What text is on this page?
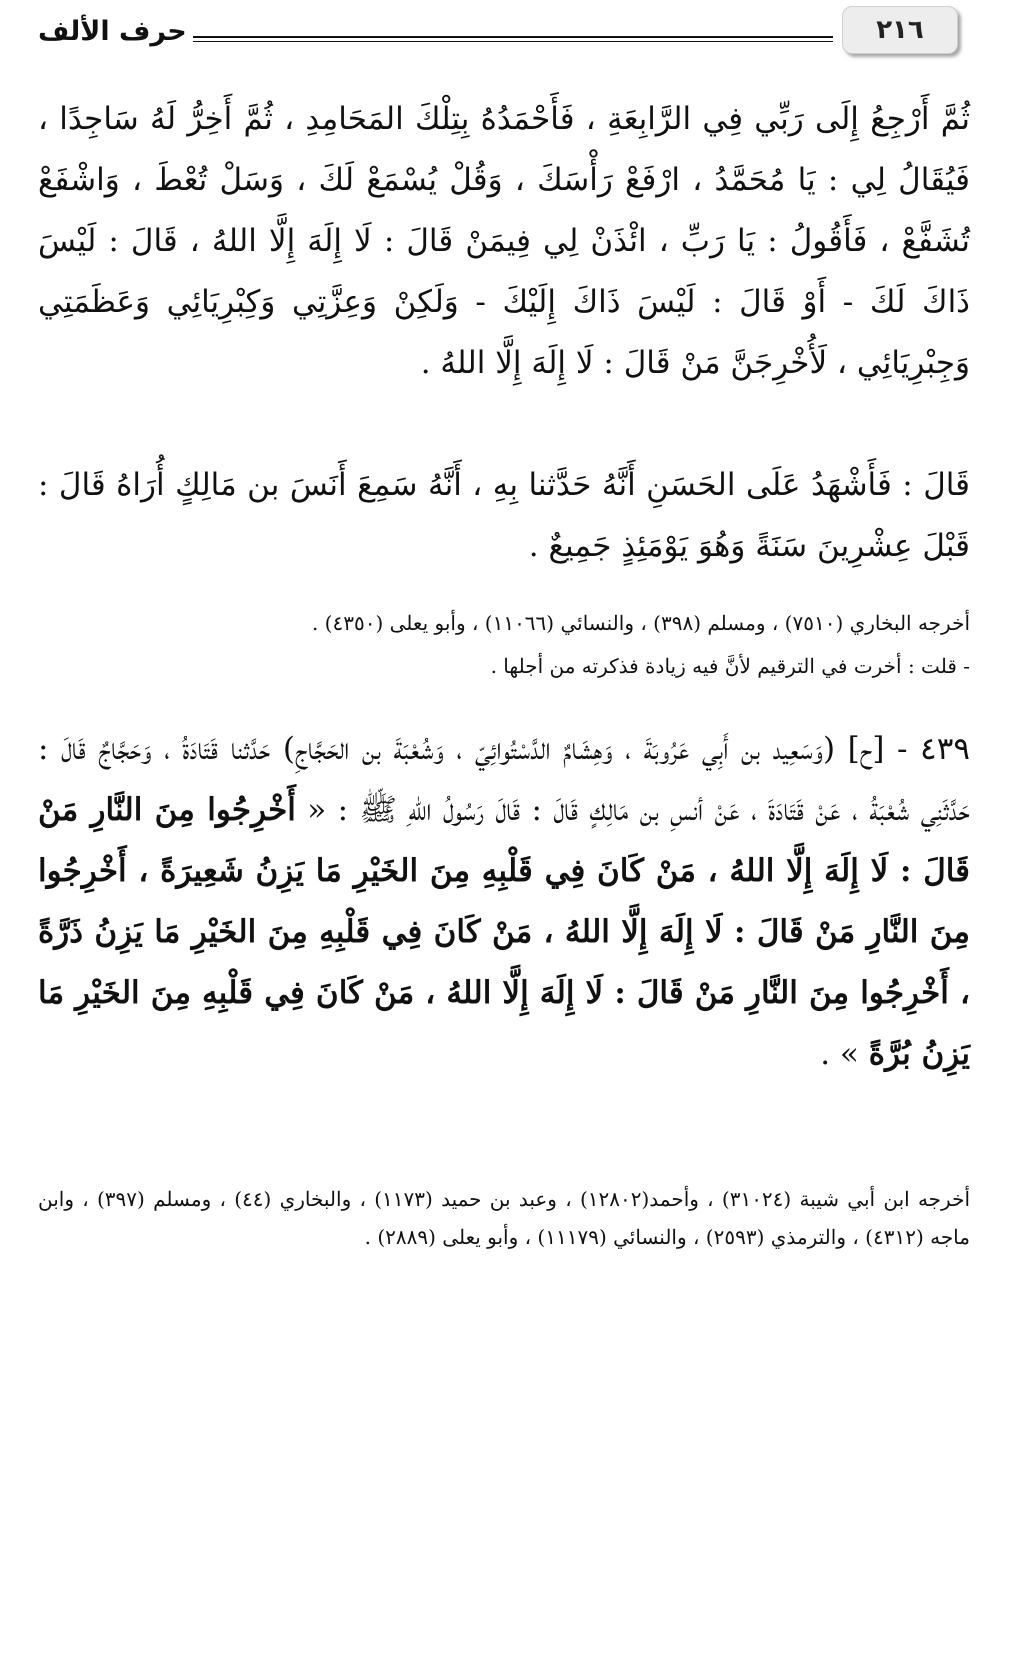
٢١٦
حرف الألف

ثُمَّ أَرْجِعُ إِلَى رَبِّي فِي الرَّابِعَةِ ، فَأَحْمَدُهُ بِتِلْكَ المَحَامِدِ ، ثُمَّ أَخِرُّ لَهُ سَاجِدًا ، فَيُقَالُ لِي : يَا مُحَمَّدُ ، ارْفَعْ رَأْسَكَ ، وَقُلْ يُسْمَعْ لَكَ ، وَسَلْ تُعْطَ ، وَاشْفَعْ تُشَفَّعْ ، فَأَقُولُ : يَا رَبِّ ، ائْذَنْ لِي فِيمَنْ قَالَ : لَا إِلَهَ إِلَّا اللهُ ، قَالَ : لَيْسَ ذَاكَ لَكَ - أَوْ قَالَ : لَيْسَ ذَاكَ إِلَيْكَ - وَلَكِنْ وَعِزَّتِي وَكِبْرِيَائِي وَعَظَمَتِي وَجِبْرِيَائِي ، لَأُخْرِجَنَّ مَنْ قَالَ : لَا إِلَهَ إِلَّا اللهُ .

قَالَ : فَأَشْهَدُ عَلَى الحَسَنِ أَنَّهُ حَدَّثنا بِهِ ، أَنَّهُ سَمِعَ أَنَسَ بن مَالِكٍ أُرَاهُ قَالَ : قَبْلَ عِشْرِينَ سَنَةً وَهُوَ يَوْمَئِذٍ جَمِيعٌ .

أخرجه البخاري (٧٥١٠) ، ومسلم (٣٩٨) ، والنسائي (١١٠٦٦) ، وأبو يعلى (٤٣٥٠) .

- قلت : أخرت في الترقيم لأنَّ فيه زيادة فذكرته من أجلها .

٤٣٩ - [ح] (وَسَعِيد بن أَبِي عَرُوبَةَ ، وَهِشَامٌ الدَّسْتُوائِيّ ، وَشُعْبَةَ بن الحَجَّاجِ) حَدَّثنا قَتَادَةُ ، وَحَجَّاجٌ قَالَ : حَدَّثَنِي شُعْبَةُ ، عَنْ قَتَادَةَ ، عَنْ أنسِ بن مَالِكٍ قَالَ : قَالَ رَسُولُ اللهِ ﷺ : « أَخْرِجُوا مِنَ النَّارِ مَنْ قَالَ : لَا إِلَهَ إِلَّا اللهُ ، مَنْ كَانَ فِي قَلْبِهِ مِنَ الخَيْرِ مَا يَزِنُ شَعِيرَةً ، أَخْرِجُوا مِنَ النَّارِ مَنْ قَالَ : لَا إِلَهَ إِلَّا اللهُ ، مَنْ كَانَ فِي قَلْبِهِ مِنَ الخَيْرِ مَا يَزِنُ ذَرَّةً ، أَخْرِجُوا مِنَ النَّارِ مَنْ قَالَ : لَا إِلَهَ إِلَّا اللهُ ، مَنْ كَانَ فِي قَلْبِهِ مِنَ الخَيْرِ مَا يَزِنُ بُرَّةً » .

أخرجه ابن أبي شيبة (٣١٠٢٤) ، وأحمد(١٢٨٠٢) ، وعبد بن حميد (١١٧٣) ، والبخاري (٤٤) ، ومسلم (٣٩٧) ، وابن ماجه (٤٣١٢) ، والترمذي (٢٥٩٣) ، والنسائي (١١١٧٩) ، وأبو يعلى (٢٨٨٩) .
